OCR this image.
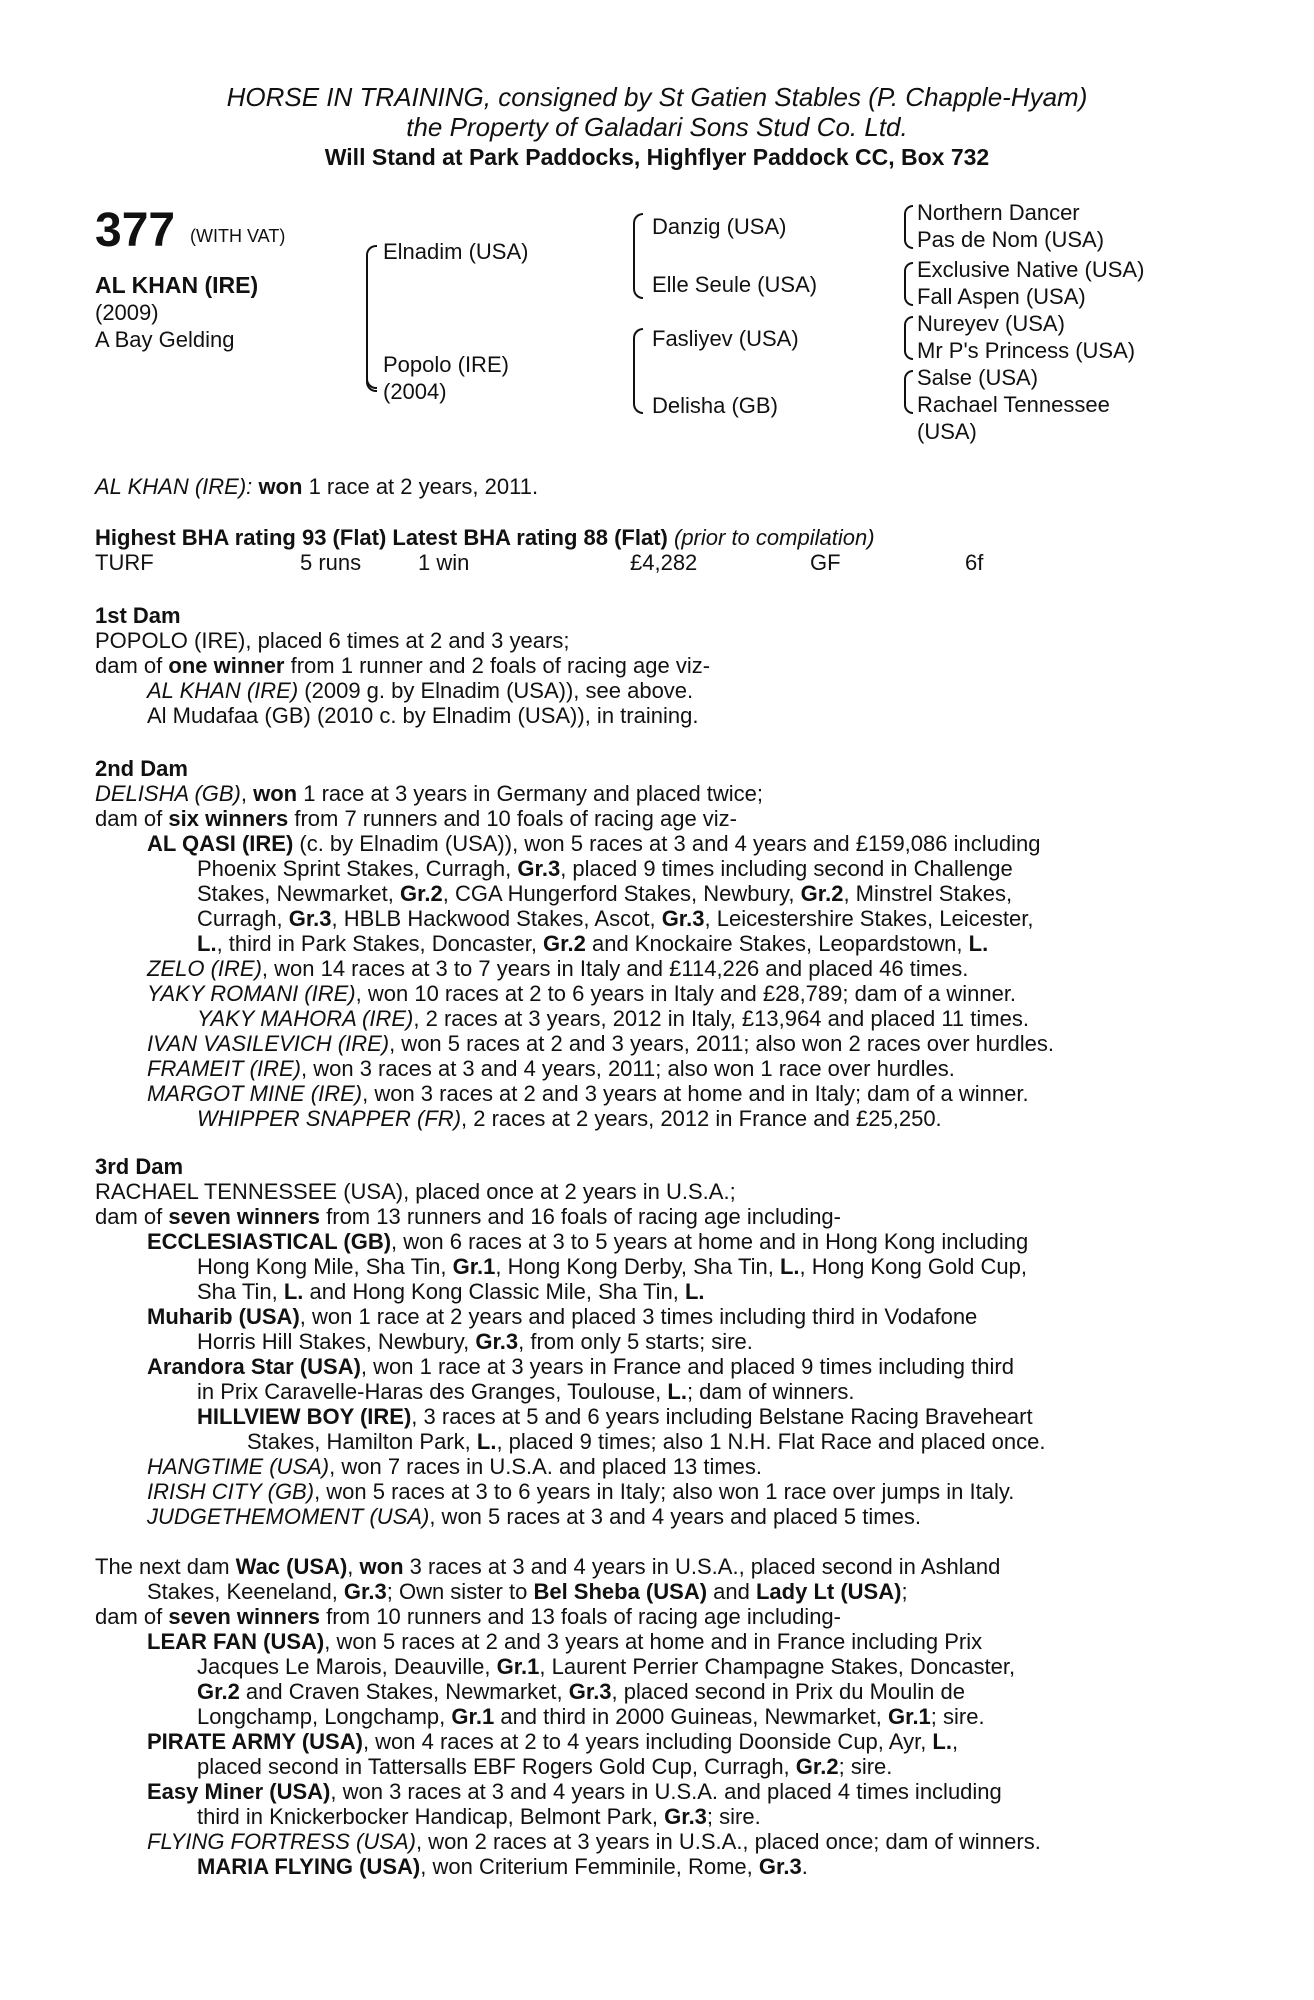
HORSE IN TRAINING, consigned by St Gatien Stables (P. Chapple-Hyam)
the Property of Galadari Sons Stud Co. Ltd.
Will Stand at Park Paddocks, Highflyer Paddock CC, Box 732
377 (WITH VAT)
AL KHAN (IRE)
(2009)
A Bay Gelding
Elnadim (USA)
Popolo (IRE)
(2004)
Danzig (USA)
Elle Seule (USA)
Fasliyev (USA)
Delisha (GB)
Northern Dancer
Pas de Nom (USA)
Exclusive Native (USA)
Fall Aspen (USA)
Nureyev (USA)
Mr P's Princess (USA)
Salse (USA)
Rachael Tennessee
(USA)

AL KHAN (IRE): won 1 race at 2 years, 2011.

Highest BHA rating 93 (Flat) Latest BHA rating 88 (Flat) (prior to compilation)

TURF	5 runs	1 win	£4,282	GF	6f

1st Dam

POPOLO (IRE), placed 6 times at 2 and 3 years;

dam of one winner from 1 runner and 2 foals of racing age viz-

AL KHAN (IRE) (2009 g. by Elnadim (USA)), see above.

Al Mudafaa (GB) (2010 c. by Elnadim (USA)), in training.

2nd Dam

DELISHA (GB), won 1 race at 3 years in Germany and placed twice;

dam of six winners from 7 runners and 10 foals of racing age viz-

AL QASI (IRE) (c. by Elnadim (USA)), won 5 races at 3 and 4 years and £159,086 including

Phoenix Sprint Stakes, Curragh, Gr.3, placed 9 times including second in Challenge

Stakes, Newmarket, Gr.2, CGA Hungerford Stakes, Newbury, Gr.2, Minstrel Stakes,

Curragh, Gr.3, HBLB Hackwood Stakes, Ascot, Gr.3, Leicestershire Stakes, Leicester,

L., third in Park Stakes, Doncaster, Gr.2 and Knockaire Stakes, Leopardstown, L.

ZELO (IRE), won 14 races at 3 to 7 years in Italy and £114,226 and placed 46 times.

YAKY ROMANI (IRE), won 10 races at 2 to 6 years in Italy and £28,789; dam of a winner.

YAKY MAHORA (IRE), 2 races at 3 years, 2012 in Italy, £13,964 and placed 11 times.

IVAN VASILEVICH (IRE), won 5 races at 2 and 3 years, 2011; also won 2 races over hurdles.

FRAMEIT (IRE), won 3 races at 3 and 4 years, 2011; also won 1 race over hurdles.

MARGOT MINE (IRE), won 3 races at 2 and 3 years at home and in Italy; dam of a winner.

WHIPPER SNAPPER (FR), 2 races at 2 years, 2012 in France and £25,250.

3rd Dam

RACHAEL TENNESSEE (USA), placed once at 2 years in U.S.A.;

dam of seven winners from 13 runners and 16 foals of racing age including-

ECCLESIASTICAL (GB), won 6 races at 3 to 5 years at home and in Hong Kong including

Hong Kong Mile, Sha Tin, Gr.1, Hong Kong Derby, Sha Tin, L., Hong Kong Gold Cup,

Sha Tin, L. and Hong Kong Classic Mile, Sha Tin, L.

Muharib (USA), won 1 race at 2 years and placed 3 times including third in Vodafone

Horris Hill Stakes, Newbury, Gr.3, from only 5 starts; sire.

Arandora Star (USA), won 1 race at 3 years in France and placed 9 times including third

in Prix Caravelle-Haras des Granges, Toulouse, L.; dam of winners.

HILLVIEW BOY (IRE), 3 races at 5 and 6 years including Belstane Racing Braveheart

Stakes, Hamilton Park, L., placed 9 times; also 1 N.H. Flat Race and placed once.

HANGTIME (USA), won 7 races in U.S.A. and placed 13 times.

IRISH CITY (GB), won 5 races at 3 to 6 years in Italy; also won 1 race over jumps in Italy.

JUDGETHEMOMENT (USA), won 5 races at 3 and 4 years and placed 5 times.

The next dam Wac (USA), won 3 races at 3 and 4 years in U.S.A., placed second in Ashland

Stakes, Keeneland, Gr.3; Own sister to Bel Sheba (USA) and Lady Lt (USA);

dam of seven winners from 10 runners and 13 foals of racing age including-

LEAR FAN (USA), won 5 races at 2 and 3 years at home and in France including Prix

Jacques Le Marois, Deauville, Gr.1, Laurent Perrier Champagne Stakes, Doncaster,

Gr.2 and Craven Stakes, Newmarket, Gr.3, placed second in Prix du Moulin de

Longchamp, Longchamp, Gr.1 and third in 2000 Guineas, Newmarket, Gr.1; sire.

PIRATE ARMY (USA), won 4 races at 2 to 4 years including Doonside Cup, Ayr, L.,

placed second in Tattersalls EBF Rogers Gold Cup, Curragh, Gr.2; sire.

Easy Miner (USA), won 3 races at 3 and 4 years in U.S.A. and placed 4 times including

third in Knickerbocker Handicap, Belmont Park, Gr.3; sire.

FLYING FORTRESS (USA), won 2 races at 3 years in U.S.A., placed once; dam of winners.

MARIA FLYING (USA), won Criterium Femminile, Rome, Gr.3.
